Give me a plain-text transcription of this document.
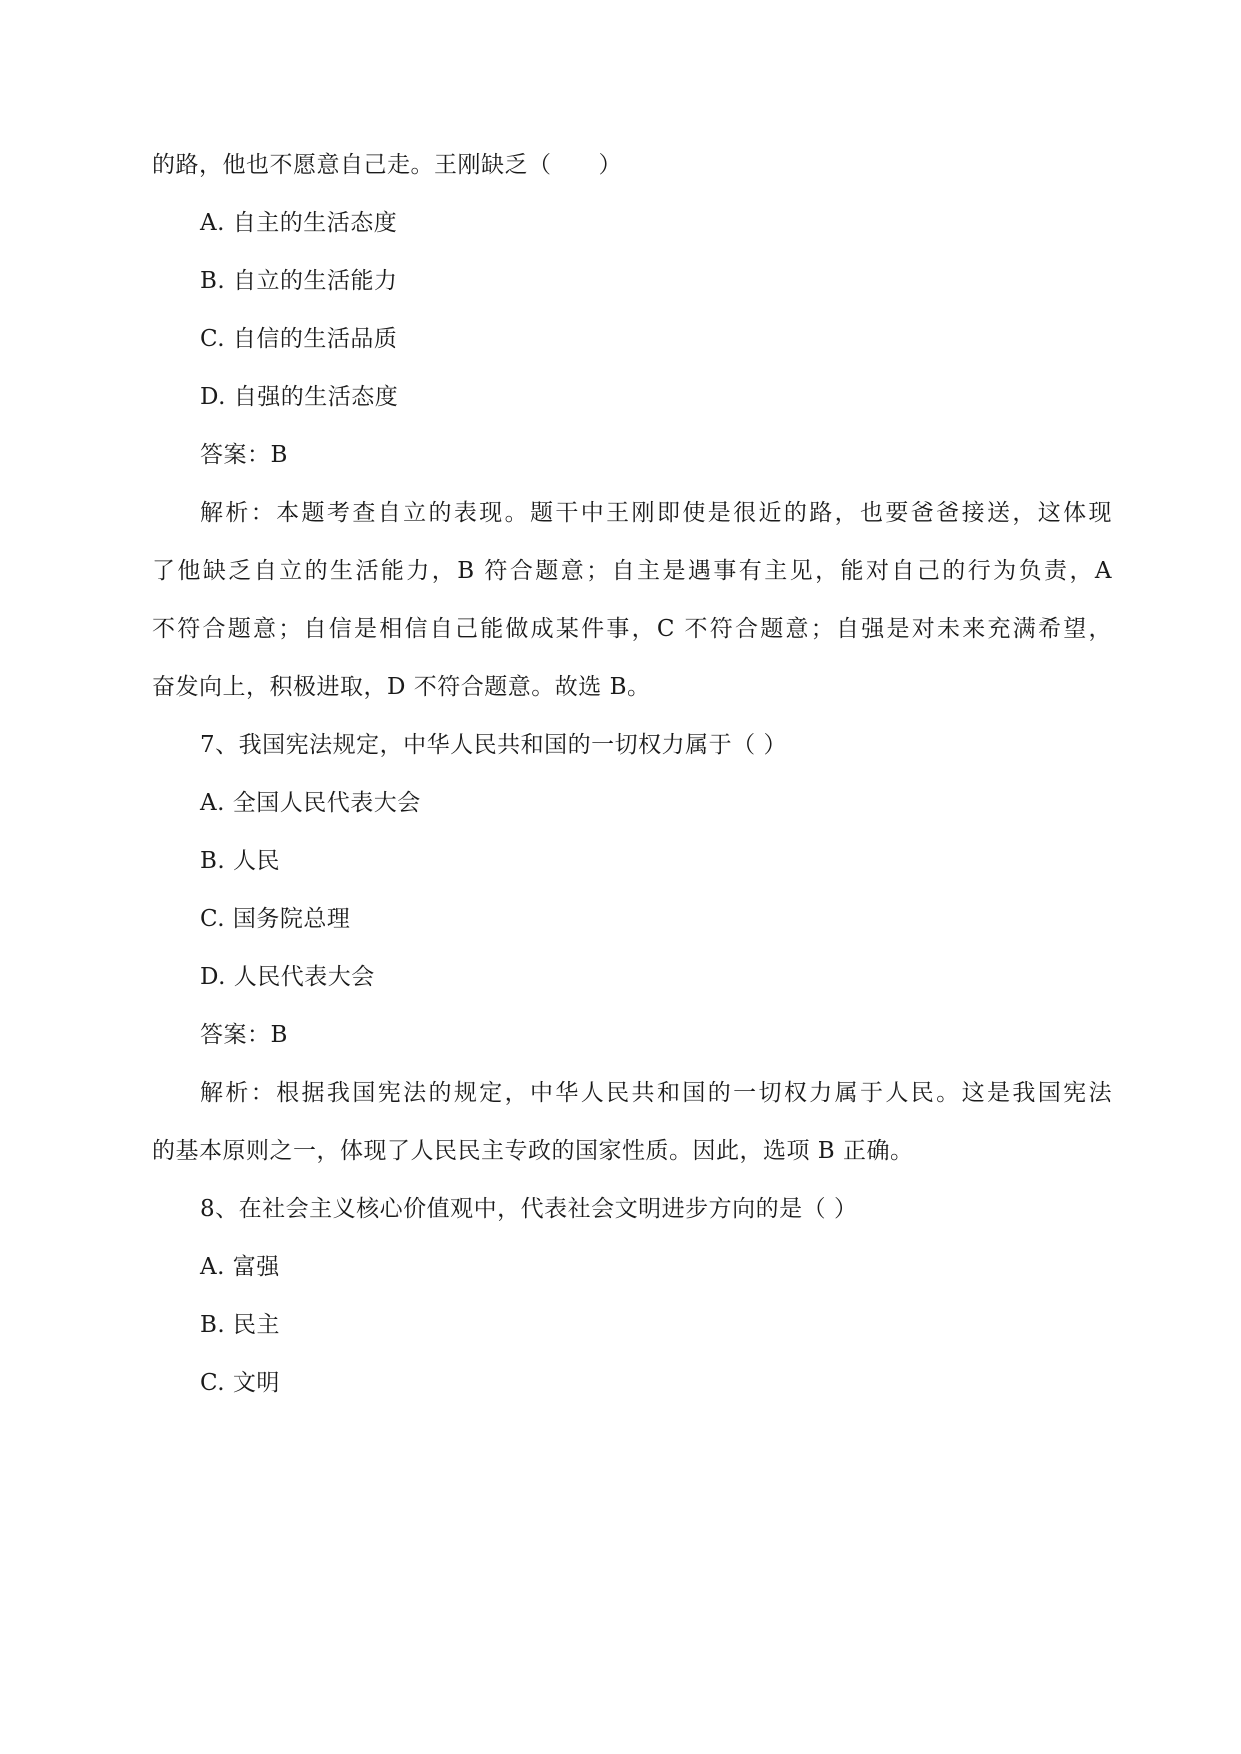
的路，他也不愿意自己走。王刚缺乏（　　）
A. 自主的生活态度
B. 自立的生活能力
C. 自信的生活品质
D. 自强的生活态度
答案：B
解析：本题考查自立的表现。题干中王刚即使是很近的路，也要爸爸接送，这体现
了他缺乏自立的生活能力，B 符合题意；自主是遇事有主见，能对自己的行为负责，A
不符合题意；自信是相信自己能做成某件事，C 不符合题意；自强是对未来充满希望，
奋发向上，积极进取，D 不符合题意。故选 B。
7、我国宪法规定，中华人民共和国的一切权力属于（ ）
A. 全国人民代表大会
B. 人民
C. 国务院总理
D. 人民代表大会
答案：B
解析：根据我国宪法的规定，中华人民共和国的一切权力属于人民。这是我国宪法
的基本原则之一，体现了人民民主专政的国家性质。因此，选项 B 正确。
8、在社会主义核心价值观中，代表社会文明进步方向的是（ ）
A. 富强
B. 民主
C. 文明
